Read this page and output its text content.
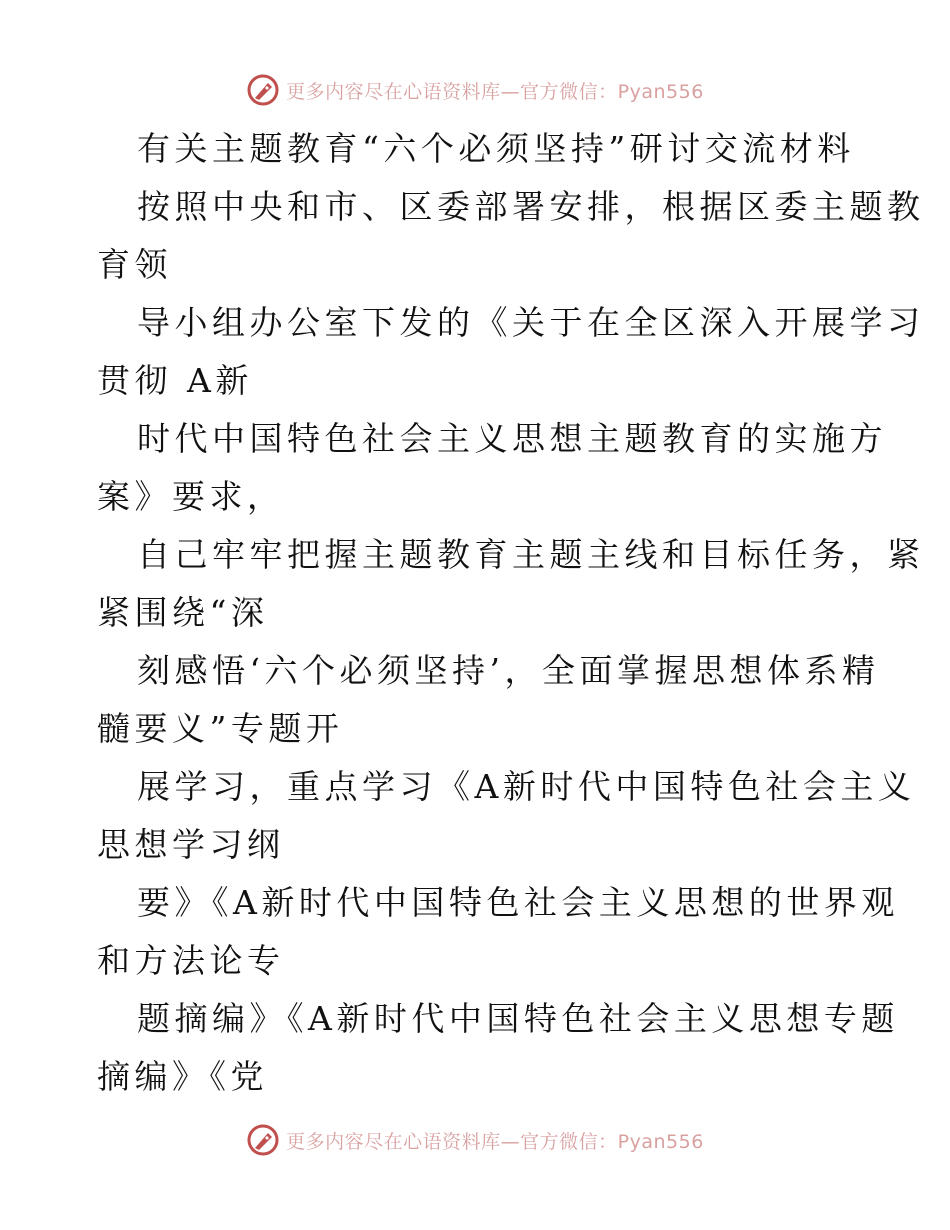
更多内容尽在心语资料库—官方微信：Pyan556
有关主题教育“六个必须坚持”研讨交流材料
按照中央和市、区委部署安排，根据区委主题教
育领
导小组办公室下发的《关于在全区深入开展学习
贯彻 A新
时代中国特色社会主义思想主题教育的实施方
案》要求，
自己牢牢把握主题教育主题主线和目标任务，紧
紧围绕“深
刻感悟‘六个必须坚持’，全面掌握思想体系精
髓要义”专题开
展学习，重点学习《A新时代中国特色社会主义
思想学习纲
要》《A新时代中国特色社会主义思想的世界观
和方法论专
题摘编》《A新时代中国特色社会主义思想专题
摘编》《党
更多内容尽在心语资料库—官方微信：Pyan556
